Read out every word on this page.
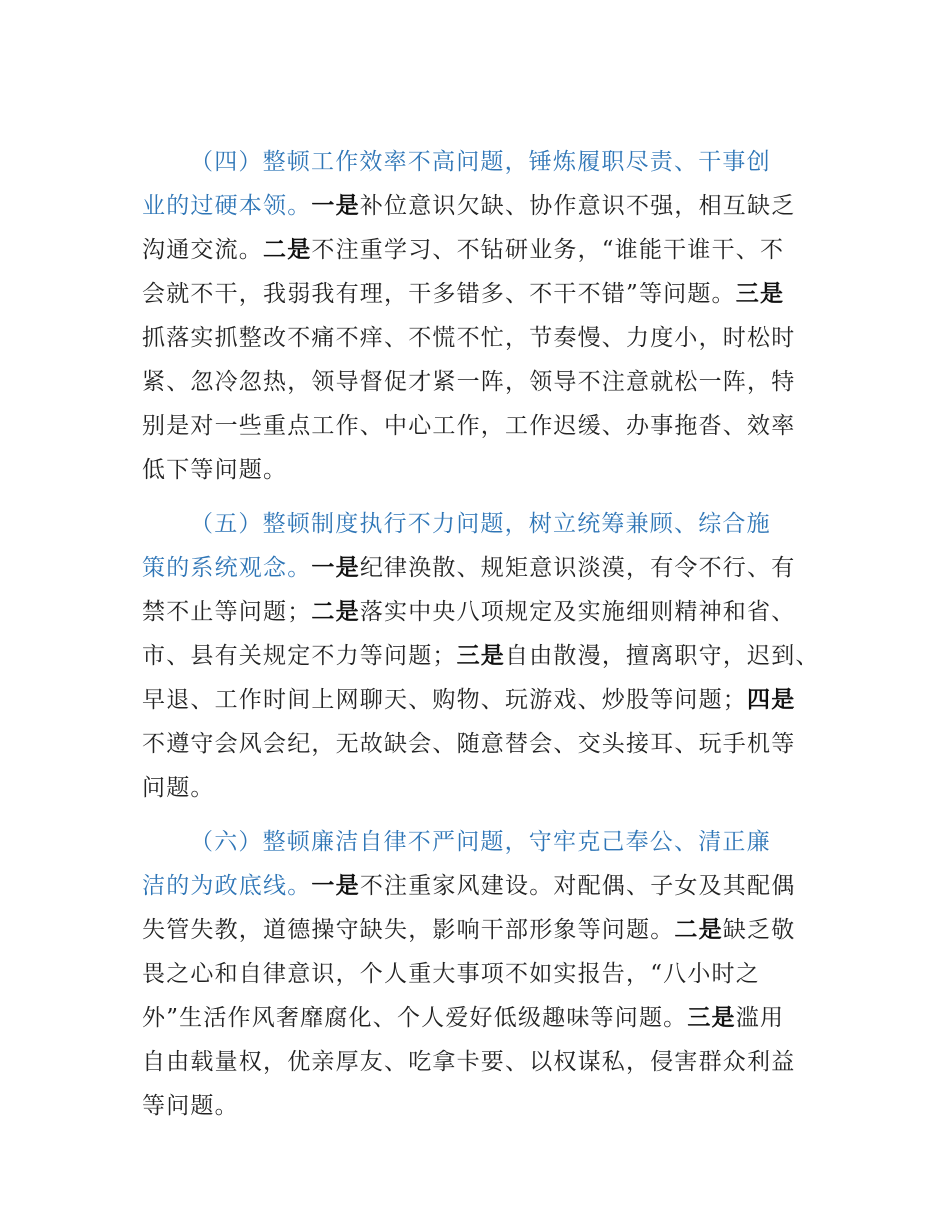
（四）整顿工作效率不高问题，锤炼履职尽责、干事创
业的过硬本领。一是补位意识欠缺、协作意识不强，相互缺乏
沟通交流。二是不注重学习、不钻研业务，“谁能干谁干、不
会就不干，我弱我有理，干多错多、不干不错”等问题。三是
抓落实抓整改不痛不痒、不慌不忙，节奏慢、力度小，时松时
紧、忽冷忽热，领导督促才紧一阵，领导不注意就松一阵，特
别是对一些重点工作、中心工作，工作迟缓、办事拖沓、效率
低下等问题。
（五）整顿制度执行不力问题，树立统筹兼顾、综合施
策的系统观念。一是纪律涣散、规矩意识淡漠，有令不行、有
禁不止等问题；二是落实中央八项规定及实施细则精神和省、
市、县有关规定不力等问题；三是自由散漫，擅离职守，迟到、
早退、工作时间上网聊天、购物、玩游戏、炒股等问题；四是
不遵守会风会纪，无故缺会、随意替会、交头接耳、玩手机等
问题。
（六）整顿廉洁自律不严问题，守牢克己奉公、清正廉
洁的为政底线。一是不注重家风建设。对配偶、子女及其配偶
失管失教，道德操守缺失，影响干部形象等问题。二是缺乏敬
畏之心和自律意识，个人重大事项不如实报告，“八小时之
外”生活作风奢靡腐化、个人爱好低级趣味等问题。三是滥用
自由载量权，优亲厚友、吃拿卡要、以权谋私，侵害群众利益
等问题。
